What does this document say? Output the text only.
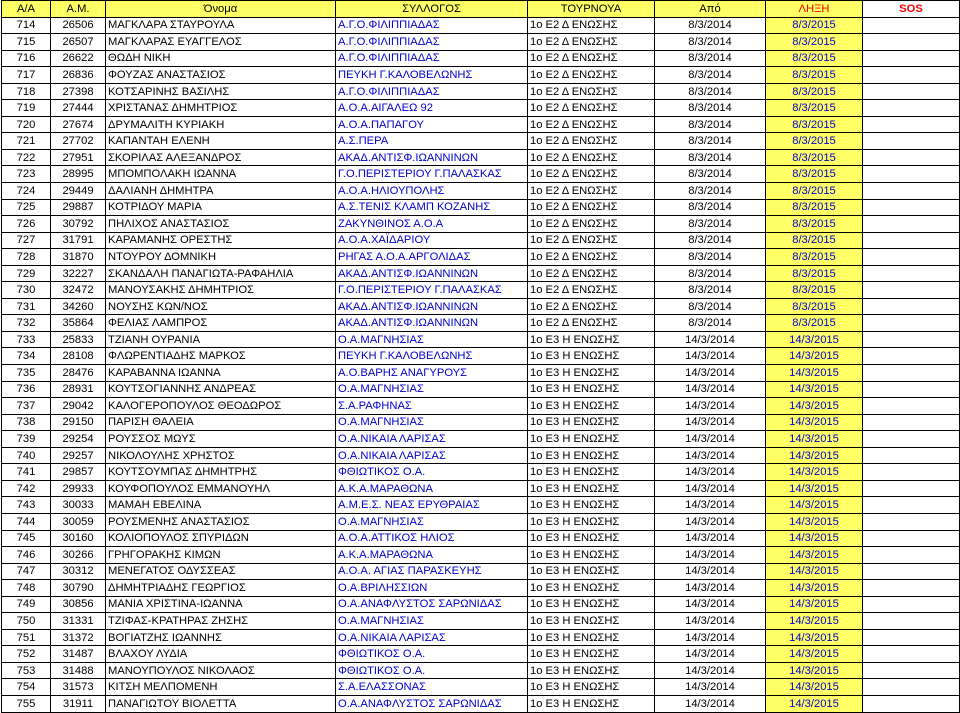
Α/Α	Α.Μ.	Όνομα	ΣΥΛΛΟΓΟΣ	ΤΟΥΡΝΟΥΑ	Από	ΛΗΞΗ	SOS
714	26506	ΜΑΓΚΛΑΡΑ ΣΤΑΥΡΟΥΛΑ	Α.Γ.Ο.ΦΙΛΙΠΠΙΑΔΑΣ	1ο Ε2 Δ ΕΝΩΣΗΣ	8/3/2014	8/3/2015	
715	26507	ΜΑΓΚΛΑΡΑΣ ΕΥΑΓΓΕΛΟΣ	Α.Γ.Ο.ΦΙΛΙΠΠΙΑΔΑΣ	1ο Ε2 Δ ΕΝΩΣΗΣ	8/3/2014	8/3/2015	
716	26622	ΘΩΔΗ ΝΙΚΗ	Α.Γ.Ο.ΦΙΛΙΠΠΙΑΔΑΣ	1ο Ε2 Δ ΕΝΩΣΗΣ	8/3/2014	8/3/2015	
717	26836	ΦΟΥΖΑΣ ΑΝΑΣΤΑΣΙΟΣ	ΠΕΥΚΗ Γ.ΚΑΛΟΒΕΛΩΝΗΣ	1ο Ε2 Δ ΕΝΩΣΗΣ	8/3/2014	8/3/2015	
718	27398	ΚΟΤΣΑΡΙΝΗΣ ΒΑΣΙΛΗΣ	Α.Γ.Ο.ΦΙΛΙΠΠΙΑΔΑΣ	1ο Ε2 Δ ΕΝΩΣΗΣ	8/3/2014	8/3/2015	
719	27444	ΧΡΙΣΤΑΝΑΣ ΔΗΜΗΤΡΙΟΣ	Α.Ο.Α.ΑΙΓΑΛΕΩ 92	1ο Ε2 Δ ΕΝΩΣΗΣ	8/3/2014	8/3/2015	
720	27674	ΔΡΥΜΑΛΙΤΗ ΚΥΡΙΑΚΗ	Α.Ο.Α.ΠΑΠΑΓΟΥ	1ο Ε2 Δ ΕΝΩΣΗΣ	8/3/2014	8/3/2015	
721	27702	ΚΑΠΑΝΤΑΗ ΕΛΕΝΗ	Α.Σ.ΠΕΡΑ	1ο Ε2 Δ ΕΝΩΣΗΣ	8/3/2014	8/3/2015	
722	27951	ΣΚΟΡΙΛΑΣ ΑΛΕΞΑΝΔΡΟΣ	ΑΚΑΔ.ΑΝΤΙΣΦ.ΙΩΑΝΝΙΝΩΝ	1ο Ε2 Δ ΕΝΩΣΗΣ	8/3/2014	8/3/2015	
723	28995	ΜΠΟΜΠΟΛΑΚΗ ΙΩΑΝΝΑ	Γ.Ο.ΠΕΡΙΣΤΕΡΙΟΥ Γ.ΠΑΛΑΣΚΑΣ	1ο Ε2 Δ ΕΝΩΣΗΣ	8/3/2014	8/3/2015	
724	29449	ΔΑΛΙΑΝΗ ΔΗΜΗΤΡΑ	Α.Ο.Α.ΗΛΙΟΥΠΟΛΗΣ	1ο Ε2 Δ ΕΝΩΣΗΣ	8/3/2014	8/3/2015	
725	29887	ΚΟΤΡΙΔΟΥ ΜΑΡΙΑ	Α.Σ.ΤΕΝΙΣ ΚΛΑΜΠ ΚΟΖΑΝΗΣ	1ο Ε2 Δ ΕΝΩΣΗΣ	8/3/2014	8/3/2015	
726	30792	ΠΗΛΙΧΟΣ ΑΝΑΣΤΑΣΙΟΣ	ΖΑΚΥΝΘΙΝΟΣ Α.Ο.Α	1ο Ε2 Δ ΕΝΩΣΗΣ	8/3/2014	8/3/2015	
727	31791	ΚΑΡΑΜΑΝΗΣ ΟΡΕΣΤΗΣ	Α.Ο.Α.ΧΑΪΔΑΡΙΟΥ	1ο Ε2 Δ ΕΝΩΣΗΣ	8/3/2014	8/3/2015	
728	31870	ΝΤΟΥΡΟΥ ΔΟΜΝΙΚΗ	ΡΗΓΑΣ Α.Ο.Α.ΑΡΓΟΛΙΔΑΣ	1ο Ε2 Δ ΕΝΩΣΗΣ	8/3/2014	8/3/2015	
729	32227	ΣΚΑΝΔΑΛΗ ΠΑΝΑΓΙΩΤΑ-ΡΑΦΑΗΛΙΑ	ΑΚΑΔ.ΑΝΤΙΣΦ.ΙΩΑΝΝΙΝΩΝ	1ο Ε2 Δ ΕΝΩΣΗΣ	8/3/2014	8/3/2015	
730	32472	ΜΑΝΟΥΣΑΚΗΣ ΔΗΜΗΤΡΙΟΣ	Γ.Ο.ΠΕΡΙΣΤΕΡΙΟΥ Γ.ΠΑΛΑΣΚΑΣ	1ο Ε2 Δ ΕΝΩΣΗΣ	8/3/2014	8/3/2015	
731	34260	ΝΟΥΣΗΣ ΚΩΝ/ΝΟΣ	ΑΚΑΔ.ΑΝΤΙΣΦ.ΙΩΑΝΝΙΝΩΝ	1ο Ε2 Δ ΕΝΩΣΗΣ	8/3/2014	8/3/2015	
732	35864	ΦΕΛΙΑΣ ΛΑΜΠΡΟΣ	ΑΚΑΔ.ΑΝΤΙΣΦ.ΙΩΑΝΝΙΝΩΝ	1ο Ε2 Δ ΕΝΩΣΗΣ	8/3/2014	8/3/2015	
733	25833	ΤΖΙΑΝΗ ΟΥΡΑΝΙΑ	Ο.Α.ΜΑΓΝΗΣΙΑΣ	1ο Ε3 Η ΕΝΩΣΗΣ	14/3/2014	14/3/2015	
734	28108	ΦΛΩΡΕΝΤΙΑΔΗΣ ΜΑΡΚΟΣ	ΠΕΥΚΗ Γ.ΚΑΛΟΒΕΛΩΝΗΣ	1ο Ε3 Η ΕΝΩΣΗΣ	14/3/2014	14/3/2015	
735	28476	ΚΑΡΑΒΑΝΝΑ ΙΩΑΝΝΑ	Α.Ο.ΒΑΡΗΣ ΑΝΑΓΥΡΟΥΣ	1ο Ε3 Η ΕΝΩΣΗΣ	14/3/2014	14/3/2015	
736	28931	ΚΟΥΤΣΟΓΙΑΝΝΗΣ ΑΝΔΡΕΑΣ	Ο.Α.ΜΑΓΝΗΣΙΑΣ	1ο Ε3 Η ΕΝΩΣΗΣ	14/3/2014	14/3/2015	
737	29042	ΚΑΛΟΓΕΡΟΠΟΥΛΟΣ ΘΕΟΔΩΡΟΣ	Σ.Α.ΡΑΦΗΝΑΣ	1ο Ε3 Η ΕΝΩΣΗΣ	14/3/2014	14/3/2015	
738	29150	ΠΑΡΙΣΗ ΘΑΛΕΙΑ	Ο.Α.ΜΑΓΝΗΣΙΑΣ	1ο Ε3 Η ΕΝΩΣΗΣ	14/3/2014	14/3/2015	
739	29254	ΡΟΥΣΣΟΣ ΜΩΥΣ	Ο.Α.ΝΙΚΑΙΑ ΛΑΡΙΣΑΣ	1ο Ε3 Η ΕΝΩΣΗΣ	14/3/2014	14/3/2015	
740	29257	ΝΙΚΟΛΟΥΛΗΣ ΧΡΗΣΤΟΣ	Ο.Α.ΝΙΚΑΙΑ ΛΑΡΙΣΑΣ	1ο Ε3 Η ΕΝΩΣΗΣ	14/3/2014	14/3/2015	
741	29857	ΚΟΥΤΣΟΥΜΠΑΣ ΔΗΜΗΤΡΗΣ	ΦΘΙΩΤΙΚΟΣ Ο.Α.	1ο Ε3 Η ΕΝΩΣΗΣ	14/3/2014	14/3/2015	
742	29933	ΚΟΥΦΟΠΟΥΛΟΣ ΕΜΜΑΝΟΥΗΛ	Α.Κ.Α.ΜΑΡΑΘΩΝΑ	1ο Ε3 Η ΕΝΩΣΗΣ	14/3/2014	14/3/2015	
743	30033	ΜΑΜΑΗ ΕΒΕΛΙΝΑ	Α.Μ.Ε.Σ. ΝΕΑΣ ΕΡΥΘΡΑΙΑΣ	1ο Ε3 Η ΕΝΩΣΗΣ	14/3/2014	14/3/2015	
744	30059	ΡΟΥΣΜΕΝΗΣ ΑΝΑΣΤΑΣΙΟΣ	Ο.Α.ΜΑΓΝΗΣΙΑΣ	1ο Ε3 Η ΕΝΩΣΗΣ	14/3/2014	14/3/2015	
745	30160	ΚΟΛΙΟΠΟΥΛΟΣ ΣΠΥΡΙΔΩΝ	Α.Ο.Α.ΑΤΤΙΚΟΣ ΗΛΙΟΣ	1ο Ε3 Η ΕΝΩΣΗΣ	14/3/2014	14/3/2015	
746	30266	ΓΡΗΓΟΡΑΚΗΣ ΚΙΜΩΝ	Α.Κ.Α.ΜΑΡΑΘΩΝΑ	1ο Ε3 Η ΕΝΩΣΗΣ	14/3/2014	14/3/2015	
747	30312	ΜΕΝΕΓΑΤΟΣ ΟΔΥΣΣΕΑΣ	Α.Ο.Α. ΑΓΙΑΣ ΠΑΡΑΣΚΕΥΗΣ	1ο Ε3 Η ΕΝΩΣΗΣ	14/3/2014	14/3/2015	
748	30790	ΔΗΜΗΤΡΙΑΔΗΣ ΓΕΩΡΓΙΟΣ	Ο.Α.ΒΡΙΛΗΣΣΙΩΝ	1ο Ε3 Η ΕΝΩΣΗΣ	14/3/2014	14/3/2015	
749	30856	ΜΑΝΙΑ ΧΡΙΣΤΙΝΑ-ΙΩΑΝΝΑ	Ο.Α.ΑΝΑΦΛΥΣΤΟΣ ΣΑΡΩΝΙΔΑΣ	1ο Ε3 Η ΕΝΩΣΗΣ	14/3/2014	14/3/2015	
750	31331	ΤΖΙΦΑΣ-ΚΡΑΤΗΡΑΣ ΖΗΣΗΣ	Ο.Α.ΜΑΓΝΗΣΙΑΣ	1ο Ε3 Η ΕΝΩΣΗΣ	14/3/2014	14/3/2015	
751	31372	ΒΟΓΙΑΤΖΗΣ ΙΩΑΝΝΗΣ	Ο.Α.ΝΙΚΑΙΑ ΛΑΡΙΣΑΣ	1ο Ε3 Η ΕΝΩΣΗΣ	14/3/2014	14/3/2015	
752	31487	ΒΛΑΧΟΥ ΛΥΔΙΑ	ΦΘΙΩΤΙΚΟΣ Ο.Α.	1ο Ε3 Η ΕΝΩΣΗΣ	14/3/2014	14/3/2015	
753	31488	ΜΑΝΟΥΠΟΥΛΟΣ ΝΙΚΟΛΑΟΣ	ΦΘΙΩΤΙΚΟΣ Ο.Α.	1ο Ε3 Η ΕΝΩΣΗΣ	14/3/2014	14/3/2015	
754	31573	ΚΙΤΣΗ ΜΕΛΠΟΜΕΝΗ	Σ.Α.ΕΛΑΣΣΟΝΑΣ	1ο Ε3 Η ΕΝΩΣΗΣ	14/3/2014	14/3/2015	
755	31911	ΠΑΝΑΓΙΩΤΟΥ ΒΙΟΛΕΤΤΑ	Ο.Α.ΑΝΑΦΛΥΣΤΟΣ ΣΑΡΩΝΙΔΑΣ	1ο Ε3 Η ΕΝΩΣΗΣ	14/3/2014	14/3/2015	
